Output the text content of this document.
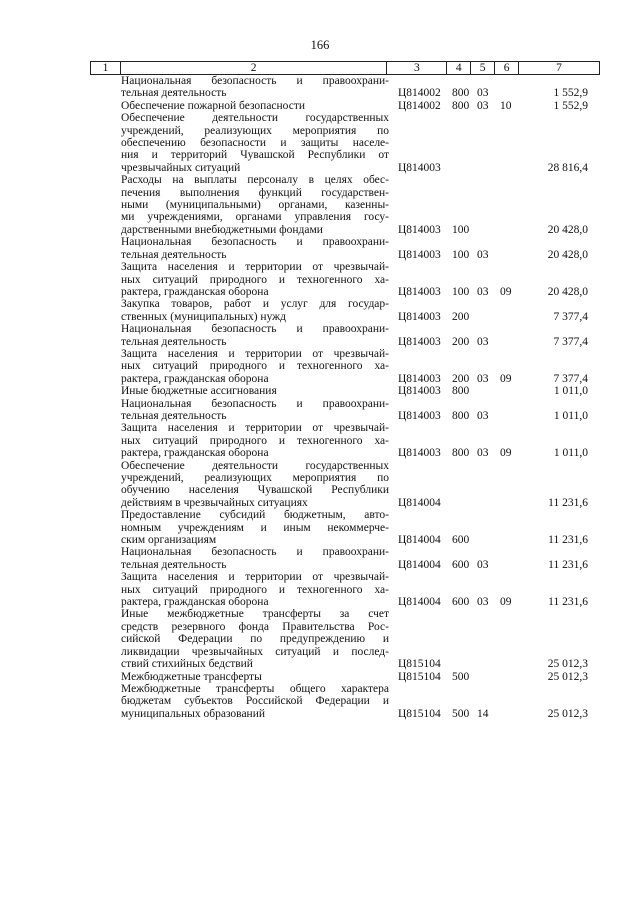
166
1	2	3	4	5	6	7
Национальная безопасность и правоохрани-
тельная деятельность	Ц814002 800 03	1 552,9
Обеспечение пожарной безопасности	Ц814002 800 03 10	1 552,9
Обеспечение деятельности государственных
учреждений, реализующих мероприятия по
обеспечению безопасности и защиты населе-
ния и территорий Чувашской Республики от
чрезвычайных ситуаций	Ц814003	28 816,4
Расходы на выплаты персоналу в целях обес-
печения выполнения функций государствен-
ными (муниципальными) органами, казенны-
ми учреждениями, органами управления госу-
дарственными внебюджетными фондами	Ц814003 100	20 428,0
Национальная безопасность и правоохрани-
тельная деятельность	Ц814003 100 03	20 428,0
Защита населения и территории от чрезвычай-
ных ситуаций природного и техногенного ха-
рактера, гражданская оборона	Ц814003 100 03 09	20 428,0
Закупка товаров, работ и услуг для государ-
ственных (муниципальных) нужд	Ц814003 200	7 377,4
Национальная безопасность и правоохрани-
тельная деятельность	Ц814003 200 03	7 377,4
Защита населения и территории от чрезвычай-
ных ситуаций природного и техногенного ха-
рактера, гражданская оборона	Ц814003 200 03 09	7 377,4
Иные бюджетные ассигнования	Ц814003 800	1 011,0
Национальная безопасность и правоохрани-
тельная деятельность	Ц814003 800 03	1 011,0
Защита населения и территории от чрезвычай-
ных ситуаций природного и техногенного ха-
рактера, гражданская оборона	Ц814003 800 03 09	1 011,0
Обеспечение деятельности государственных
учреждений, реализующих мероприятия по
обучению населения Чувашской Республики
действиям в чрезвычайных ситуациях	Ц814004	11 231,6
Предоставление субсидий бюджетным, авто-
номным учреждениям и иным некоммерче-
ским организациям	Ц814004 600	11 231,6
Национальная безопасность и правоохрани-
тельная деятельность	Ц814004 600 03	11 231,6
Защита населения и территории от чрезвычай-
ных ситуаций природного и техногенного ха-
рактера, гражданская оборона	Ц814004 600 03 09	11 231,6
Иные межбюджетные трансферты за счет
средств резервного фонда Правительства Рос-
сийской Федерации по предупреждению и
ликвидации чрезвычайных ситуаций и послед-
ствий стихийных бедствий	Ц815104	25 012,3
Межбюджетные трансферты	Ц815104 500	25 012,3
Межбюджетные трансферты общего характера
бюджетам субъектов Российской Федерации и
муниципальных образований	Ц815104 500 14	25 012,3
